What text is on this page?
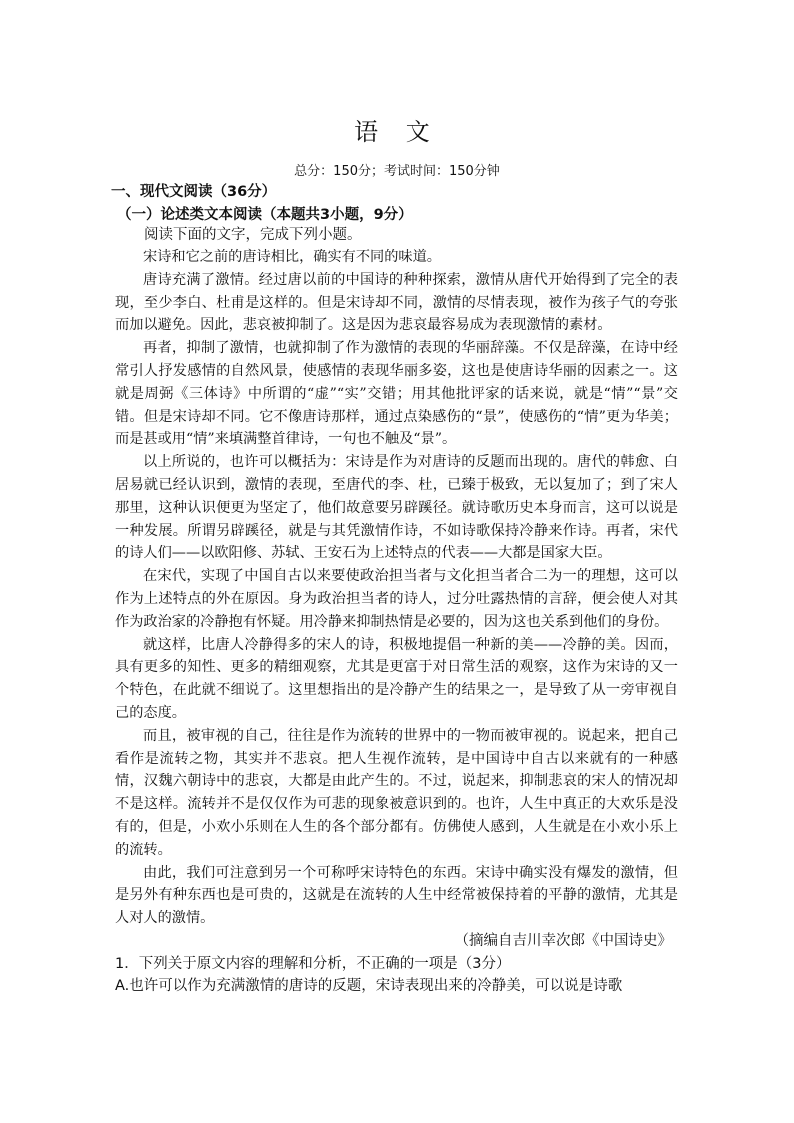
语 文
总分：150分；考试时间：150分钟
一、现代文阅读（36分）
（一）论述类文本阅读（本题共3小题，9分）

阅读下面的文字，完成下列小题。

宋诗和它之前的唐诗相比，确实有不同的味道。

唐诗充满了激情。经过唐以前的中国诗的种种探索，激情从唐代开始得到了完全的表现，至少李白、杜甫是这样的。但是宋诗却不同，激情的尽情表现，被作为孩子气的夸张而加以避免。因此，悲哀被抑制了。这是因为悲哀最容易成为表现激情的素材。

再者，抑制了激情，也就抑制了作为激情的表现的华丽辞藻。不仅是辞藻，在诗中经常引人抒发感情的自然风景，使感情的表现华丽多姿，这也是使唐诗华丽的因素之一。这就是周弼《三体诗》中所谓的“虚”“实”交错；用其他批评家的话来说，就是“情”“景”交错。但是宋诗却不同。它不像唐诗那样，通过点染感伤的“景”，使感伤的“情”更为华美；而是甚或用“情”来填满整首律诗，一句也不触及“景”。

以上所说的，也许可以概括为：宋诗是作为对唐诗的反题而出现的。唐代的韩愈、白居易就已经认识到，激情的表现，至唐代的李、杜，已臻于极致，无以复加了；到了宋人那里，这种认识便更为坚定了，他们故意要另辟蹊径。就诗歌历史本身而言，这可以说是一种发展。所谓另辟蹊径，就是与其凭激情作诗，不如诗歌保持冷静来作诗。再者，宋代的诗人们——以欧阳修、苏轼、王安石为上述特点的代表——大都是国家大臣。

在宋代，实现了中国自古以来要使政治担当者与文化担当者合二为一的理想，这可以作为上述特点的外在原因。身为政治担当者的诗人，过分吐露热情的言辞，便会使人对其作为政治家的冷静抱有怀疑。用冷静来抑制热情是必要的，因为这也关系到他们的身份。

就这样，比唐人冷静得多的宋人的诗，积极地提倡一种新的美——冷静的美。因而，具有更多的知性、更多的精细观察，尤其是更富于对日常生活的观察，这作为宋诗的又一个特色，在此就不细说了。这里想指出的是冷静产生的结果之一，是导致了从一旁审视自己的态度。

而且，被审视的自己，往往是作为流转的世界中的一物而被审视的。说起来，把自己看作是流转之物，其实并不悲哀。把人生视作流转，是中国诗中自古以来就有的一种感情，汉魏六朝诗中的悲哀，大都是由此产生的。不过，说起来，抑制悲哀的宋人的情况却不是这样。流转并不是仅仅作为可悲的现象被意识到的。也许，人生中真正的大欢乐是没有的，但是，小欢小乐则在人生的各个部分都有。仿佛使人感到，人生就是在小欢小乐上的流转。

由此，我们可注意到另一个可称呼宋诗特色的东西。宋诗中确实没有爆发的激情，但是另外有种东西也是可贵的，这就是在流转的人生中经常被保持着的平静的激情，尤其是人对人的激情。

（摘编自吉川幸次郎《中国诗史》

1．下列关于原文内容的理解和分析，不正确的一项是（3分）

A.也许可以作为充满激情的唐诗的反题，宋诗表现出来的冷静美，可以说是诗歌
